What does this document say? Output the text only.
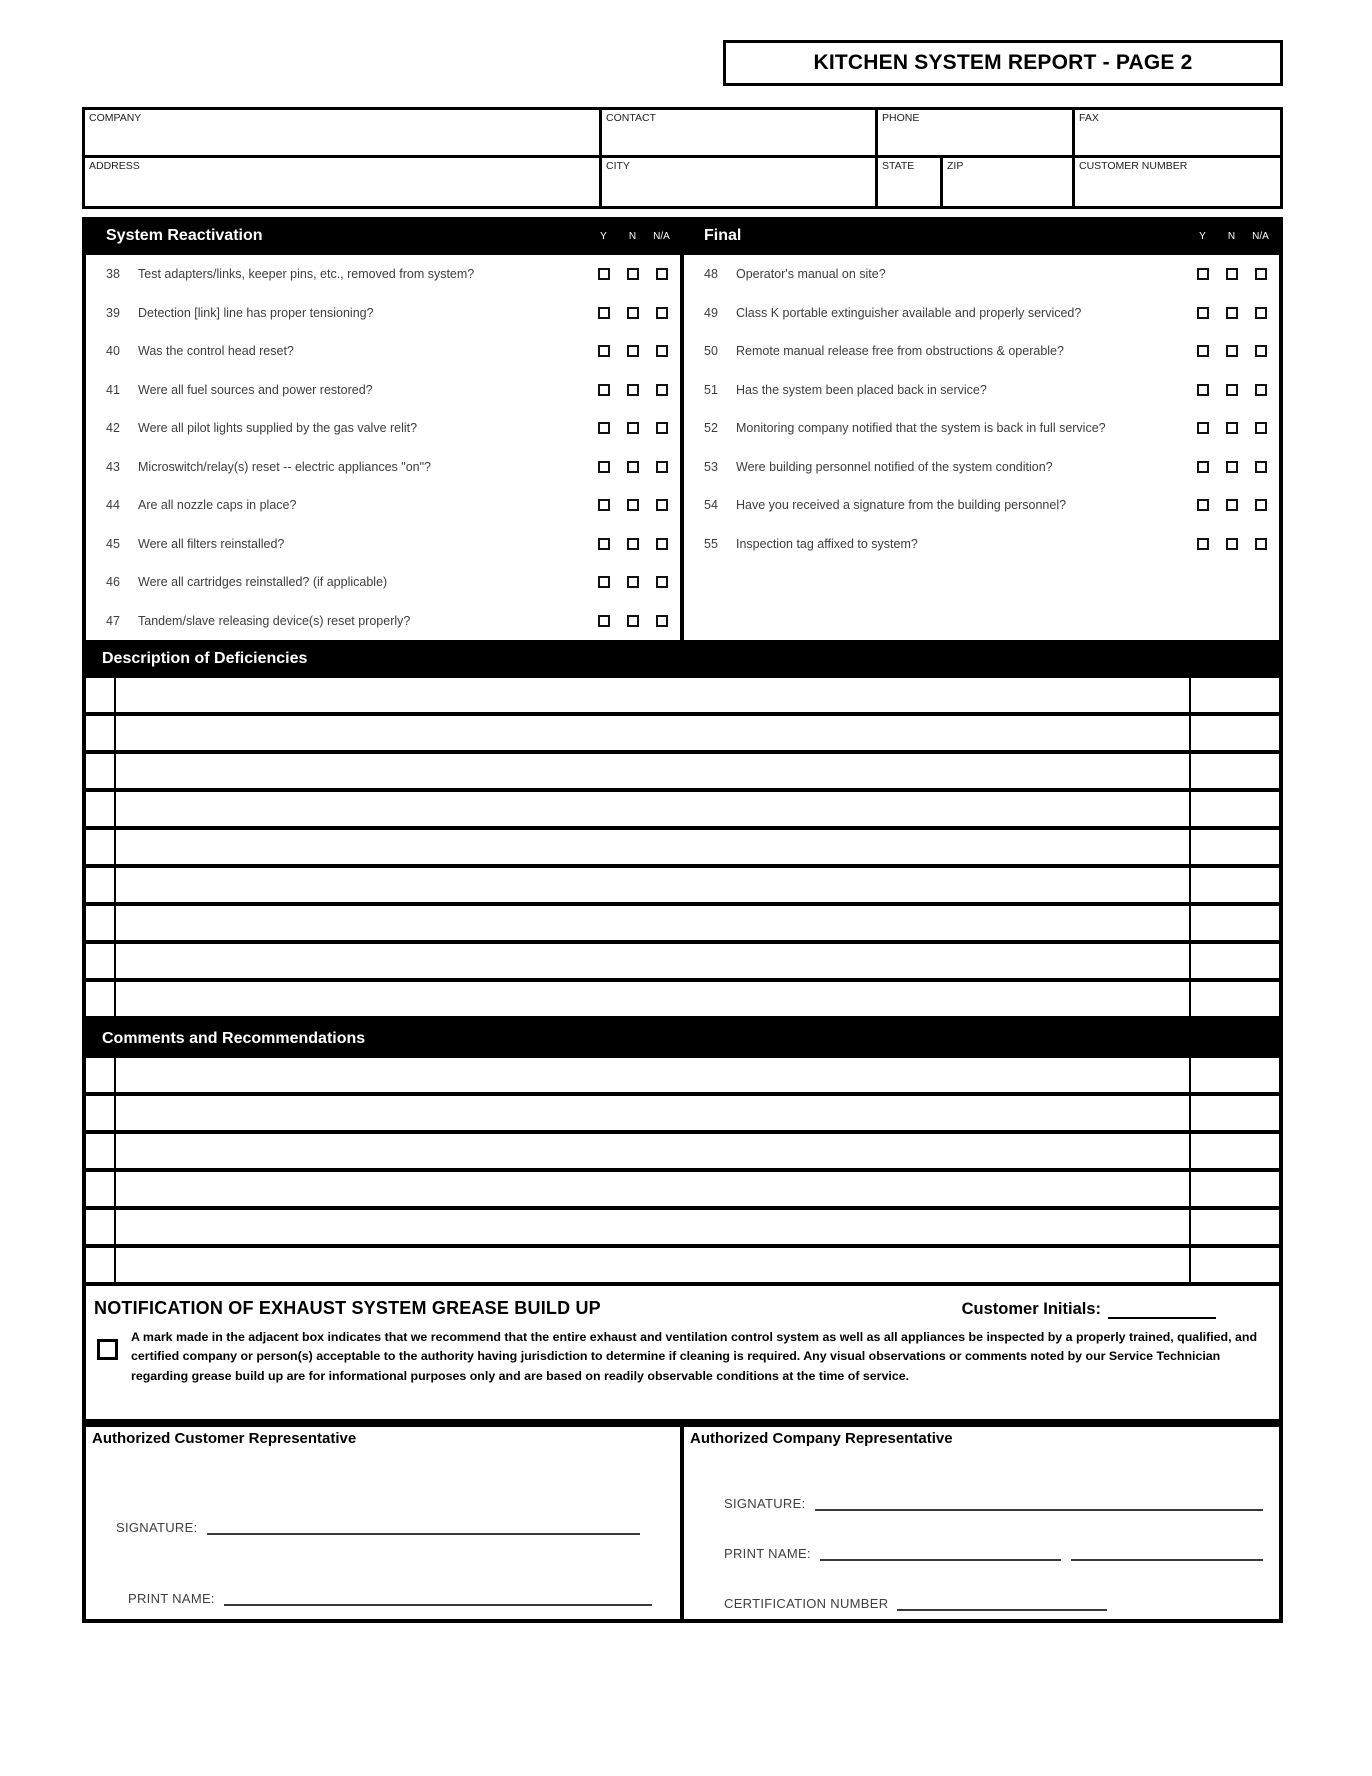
KITCHEN SYSTEM REPORT - PAGE 2
COMPANY	CONTACT	PHONE	FAX
ADDRESS	CITY	STATE	ZIP	CUSTOMER NUMBER
System Reactivation	Y	N	N/A
38	Test adapters/links, keeper pins, etc., removed from system?
39	Detection [link] line has proper tensioning?
40	Was the control head reset?
41	Were all fuel sources and power restored?
42	Were all pilot lights supplied by the gas valve relit?
43	Microswitch/relay(s) reset -- electric appliances "on"?
44	Are all nozzle caps in place?
45	Were all filters reinstalled?
46	Were all cartridges reinstalled? (if applicable)
47	Tandem/slave releasing device(s) reset properly?
Final	Y	N	N/A
48	Operator's manual on site?
49	Class K portable extinguisher available and properly serviced?
50	Remote manual release free from obstructions & operable?
51	Has the system been placed back in service?
52	Monitoring company notified that the system is back in full service?
53	Were building personnel notified of the system condition?
54	Have you received a signature from the building personnel?
55	Inspection tag affixed to system?
Description of Deficiencies
Comments and Recommendations
NOTIFICATION OF EXHAUST SYSTEM GREASE BUILD UP	Customer Initials:
A mark made in the adjacent box indicates that we recommend that the entire exhaust and ventilation control system as well as all appliances be inspected by a properly trained, qualified, and certified company or person(s) acceptable to the authority having jurisdiction to determine if cleaning is required. Any visual observations or comments noted by our Service Technician regarding grease build up are for informational purposes only and are based on readily observable conditions at the time of service.
Authorized Customer Representative
SIGNATURE:
PRINT NAME:
Authorized Company Representative
SIGNATURE:
PRINT NAME:
CERTIFICATION NUMBER
